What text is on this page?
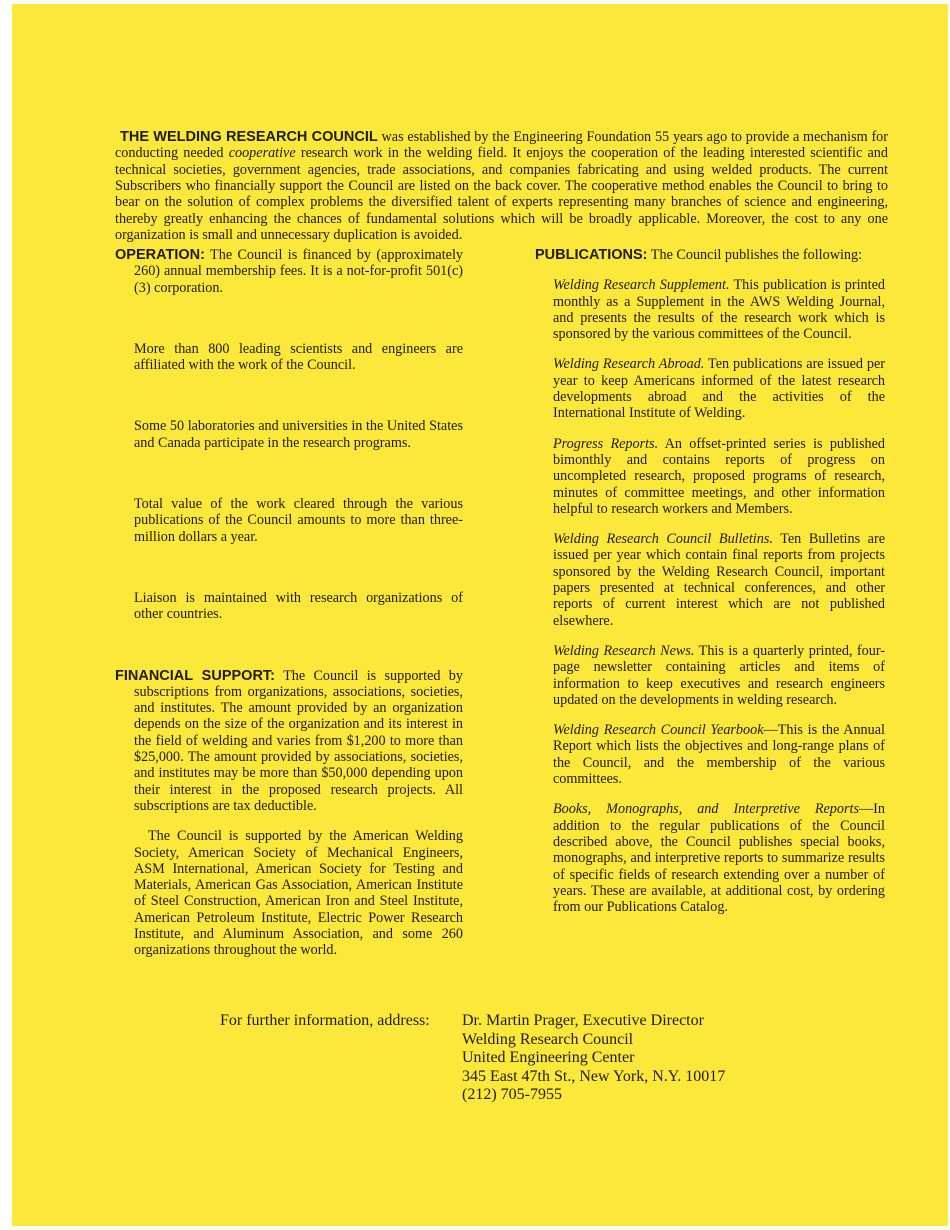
THE WELDING RESEARCH COUNCIL was established by the Engineering Foundation 55 years ago to provide a mechanism for conducting needed cooperative research work in the welding field. It enjoys the cooperation of the leading interested scientific and technical societies, government agencies, trade associations, and companies fabricating and using welded products. The current Subscribers who financially support the Council are listed on the back cover. The cooperative method enables the Council to bring to bear on the solution of complex problems the diversified talent of experts representing many branches of science and engineering, thereby greatly enhancing the chances of fundamental solutions which will be broadly applicable. Moreover, the cost to any one organization is small and unnecessary duplication is avoided.

OPERATION: The Council is financed by (approximately 260) annual membership fees. It is a not-for-profit 501(c)(3) corporation.

More than 800 leading scientists and engineers are affiliated with the work of the Council.

Some 50 laboratories and universities in the United States and Canada participate in the research programs.

Total value of the work cleared through the various publications of the Council amounts to more than three-million dollars a year.

Liaison is maintained with research organizations of other countries.

FINANCIAL SUPPORT: The Council is supported by subscriptions from organizations, associations, societies, and institutes. The amount provided by an organization depends on the size of the organization and its interest in the field of welding and varies from $1,200 to more than $25,000. The amount provided by associations, societies, and institutes may be more than $50,000 depending upon their interest in the proposed research projects. All subscriptions are tax deductible.

The Council is supported by the American Welding Society, American Society of Mechanical Engineers, ASM International, American Society for Testing and Materials, American Gas Association, American Institute of Steel Construction, American Iron and Steel Institute, American Petroleum Institute, Electric Power Research Institute, and Aluminum Association, and some 260 organizations throughout the world.

PUBLICATIONS: The Council publishes the following:

Welding Research Supplement. This publication is printed monthly as a Supplement in the AWS Welding Journal, and presents the results of the research work which is sponsored by the various committees of the Council.

Welding Research Abroad. Ten publications are issued per year to keep Americans informed of the latest research developments abroad and the activities of the International Institute of Welding.

Progress Reports. An offset-printed series is published bimonthly and contains reports of progress on uncompleted research, proposed programs of research, minutes of committee meetings, and other information helpful to research workers and Members.

Welding Research Council Bulletins. Ten Bulletins are issued per year which contain final reports from projects sponsored by the Welding Research Council, important papers presented at technical conferences, and other reports of current interest which are not published elsewhere.

Welding Research News. This is a quarterly printed, four-page newsletter containing articles and items of information to keep executives and research engineers updated on the developments in welding research.

Welding Research Council Yearbook—This is the Annual Report which lists the objectives and long-range plans of the Council, and the membership of the various committees.

Books, Monographs, and Interpretive Reports—In addition to the regular publications of the Council described above, the Council publishes special books, monographs, and interpretive reports to summarize results of specific fields of research extending over a number of years. These are available, at additional cost, by ordering from our Publications Catalog.

For further information, address: Dr. Martin Prager, Executive Director
Welding Research Council
United Engineering Center
345 East 47th St., New York, N.Y. 10017
(212) 705-7955
